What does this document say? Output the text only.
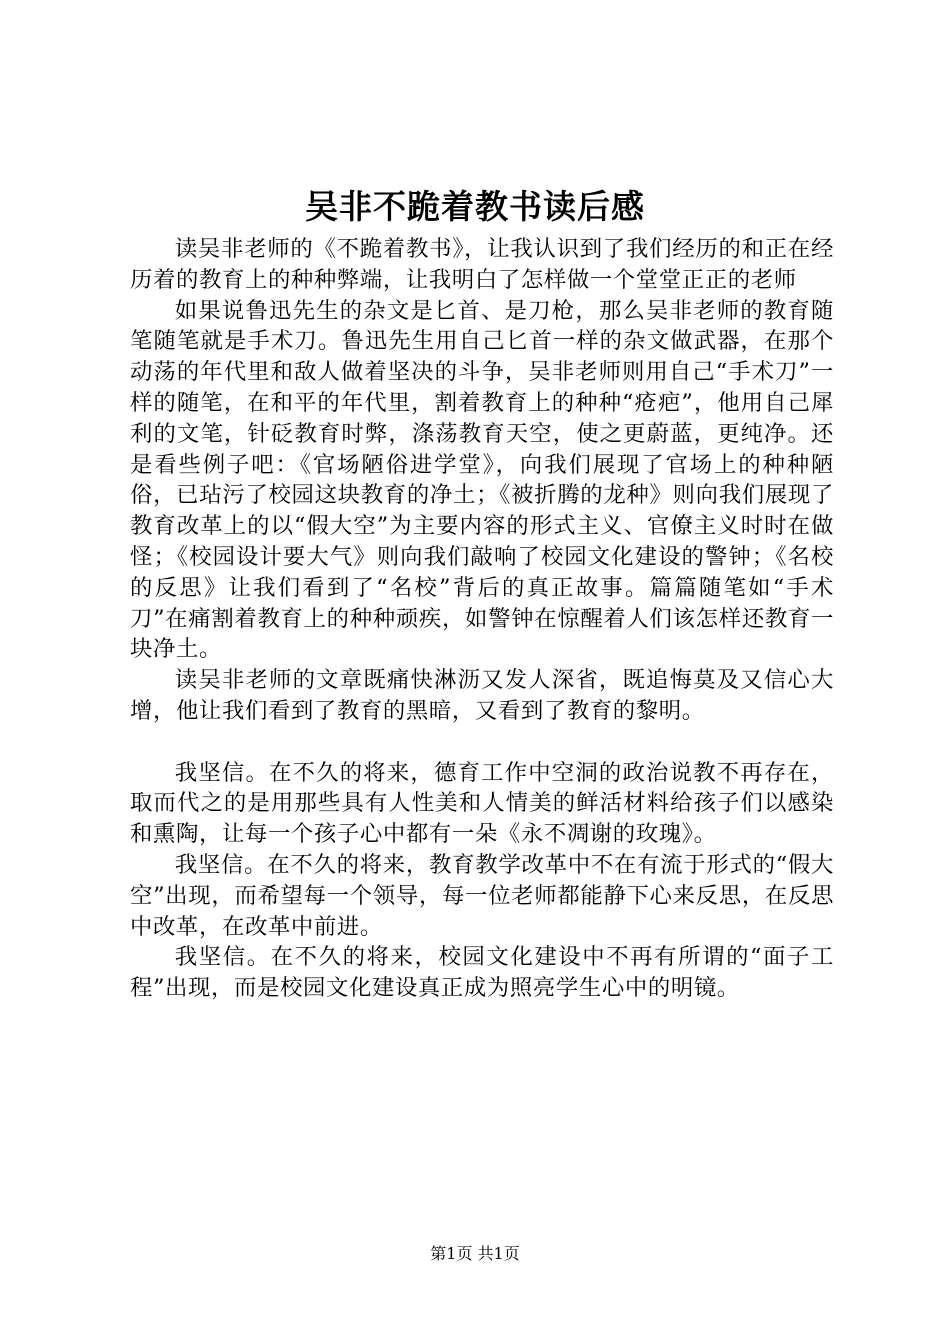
吴非不跪着教书读后感

读吴非老师的《不跪着教书》，让我认识到了我们经历的和正在经历着的教育上的种种弊端，让我明白了怎样做一个堂堂正正的老师

如果说鲁迅先生的杂文是匕首、是刀枪，那么吴非老师的教育随笔随笔就是手术刀。鲁迅先生用自己匕首一样的杂文做武器，在那个动荡的年代里和敌人做着坚决的斗争，吴非老师则用自己“手术刀”一样的随笔，在和平的年代里，割着教育上的种种“疮疤”，他用自己犀利的文笔，针砭教育时弊，涤荡教育天空，使之更蔚蓝，更纯净。还是看些例子吧：《官场陋俗进学堂》，向我们展现了官场上的种种陋俗，已玷污了校园这块教育的净土；《被折腾的龙种》则向我们展现了教育改革上的以“假大空”为主要内容的形式主义、官僚主义时时在做怪；《校园设计要大气》则向我们敲响了校园文化建设的警钟；《名校的反思》让我们看到了“名校”背后的真正故事。篇篇随笔如“手术刀”在痛割着教育上的种种顽疾，如警钟在惊醒着人们该怎样还教育一块净土。

读吴非老师的文章既痛快淋沥又发人深省，既追悔莫及又信心大增，他让我们看到了教育的黑暗，又看到了教育的黎明。

我坚信。在不久的将来，德育工作中空洞的政治说教不再存在，取而代之的是用那些具有人性美和人情美的鲜活材料给孩子们以感染和熏陶，让每一个孩子心中都有一朵《永不凋谢的玫瑰》。

我坚信。在不久的将来，教育教学改革中不在有流于形式的“假大空”出现，而希望每一个领导，每一位老师都能静下心来反思，在反思中改革，在改革中前进。

我坚信。在不久的将来，校园文化建设中不再有所谓的“面子工程”出现，而是校园文化建设真正成为照亮学生心中的明镜。

第1页 共1页
